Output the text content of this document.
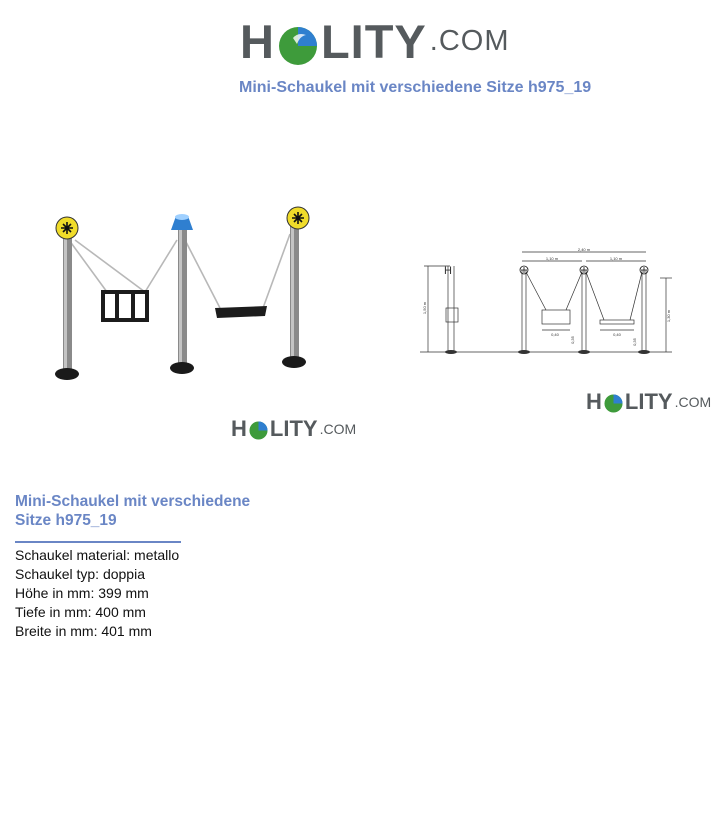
H LITY .COM
Mini-Schaukel mit verschiedene Sitze h975_19
2,40 m
1,10 m	1,10 m
0,40	0,40
1,50 m
1,30 m
0,35	0,35
H
H LITY .COM
H LITY .COM
Mini-Schaukel mit verschiedene
Sitze h975_19
Schaukel material: metallo
Schaukel typ: doppia
Höhe in mm: 399 mm
Tiefe in mm: 400 mm
Breite in mm: 401 mm
